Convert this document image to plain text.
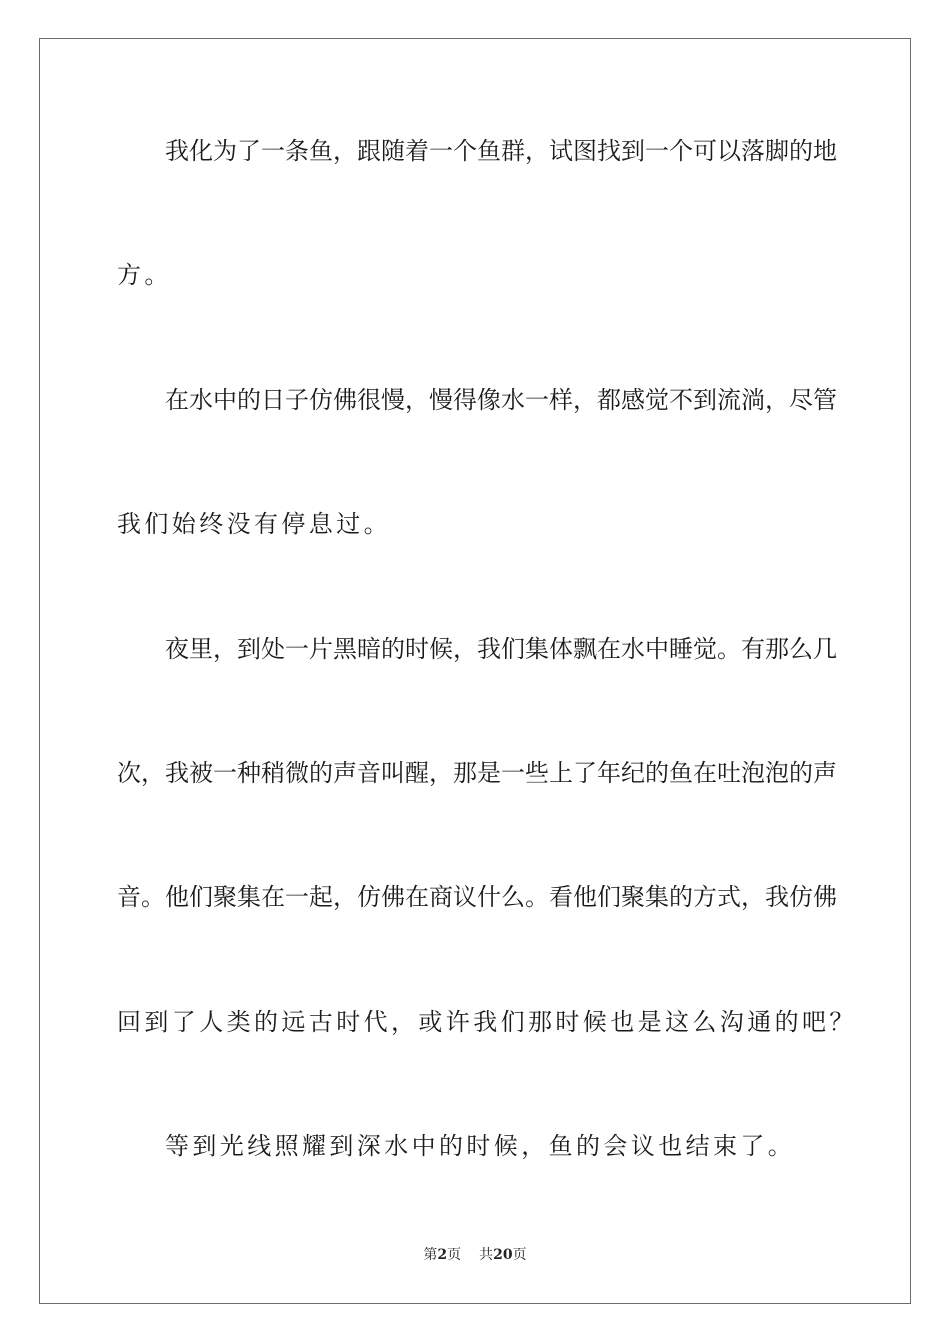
我化为了一条鱼，跟随着一个鱼群，试图找到一个可以落脚的地
方。
在水中的日子仿佛很慢，慢得像水一样，都感觉不到流淌，尽管
我们始终没有停息过。
夜里，到处一片黑暗的时候，我们集体飘在水中睡觉。有那么几
次，我被一种稍微的声音叫醒，那是一些上了年纪的鱼在吐泡泡的声
音。他们聚集在一起，仿佛在商议什么。看他们聚集的方式，我仿佛
回到了人类的远古时代，或许我们那时候也是这么沟通的吧？
等到光线照耀到深水中的时候，鱼的会议也结束了。
第2页 共20页
